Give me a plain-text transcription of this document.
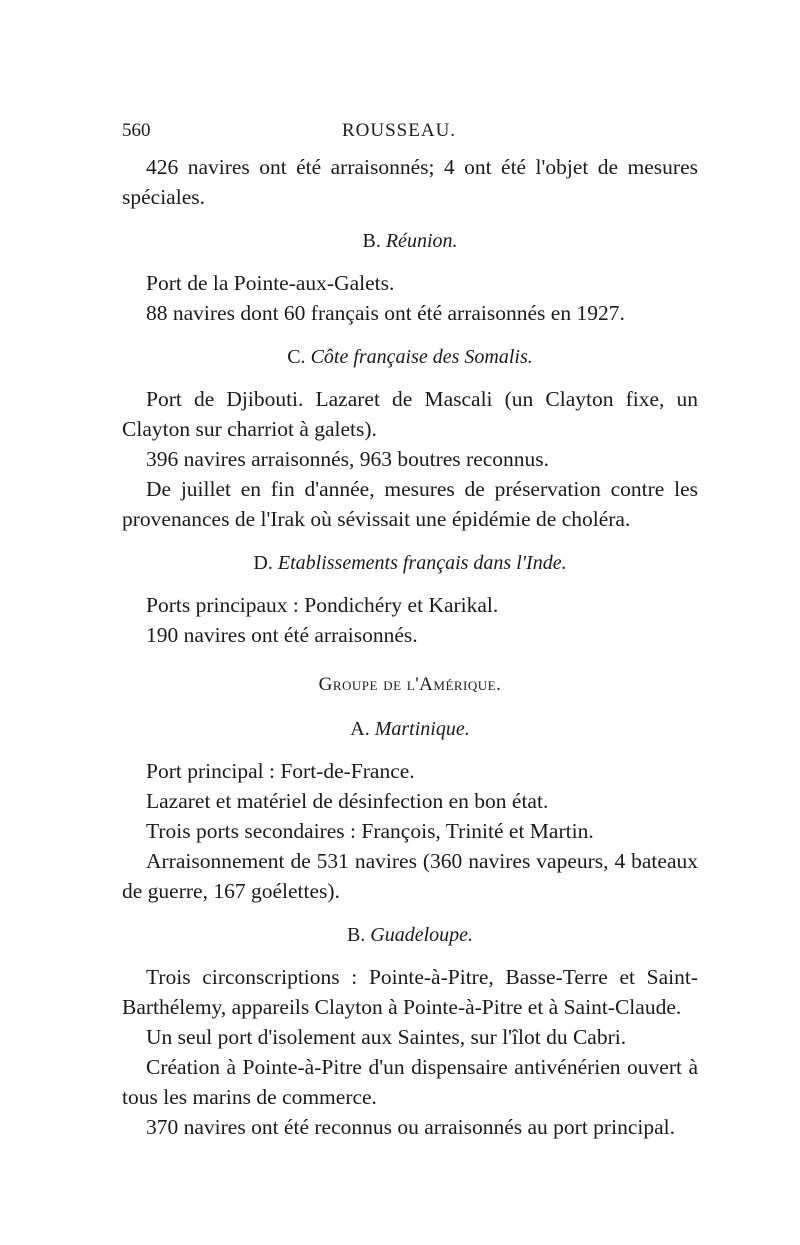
560	ROUSSEAU.

426 navires ont été arraisonnés; 4 ont été l'objet de mesures spéciales.

B. Réunion.

Port de la Pointe-aux-Galets.

88 navires dont 60 français ont été arraisonnés en 1927.

C. Côte française des Somalis.

Port de Djibouti. Lazaret de Mascali (un Clayton fixe, un Clayton sur charriot à galets).

396 navires arraisonnés, 963 boutres reconnus.

De juillet en fin d'année, mesures de préservation contre les provenances de l'Irak où sévissait une épidémie de choléra.

D. Etablissements français dans l'Inde.

Ports principaux : Pondichéry et Karikal.

190 navires ont été arraisonnés.

Groupe de l'Amérique.
A. Martinique.

Port principal : Fort-de-France.

Lazaret et matériel de désinfection en bon état.

Trois ports secondaires : François, Trinité et Martin.

Arraisonnement de 531 navires (360 navires vapeurs, 4 bateaux de guerre, 167 goélettes).

B. Guadeloupe.

Trois circonscriptions : Pointe-à-Pitre, Basse-Terre et Saint-Barthélemy, appareils Clayton à Pointe-à-Pitre et à Saint-Claude.

Un seul port d'isolement aux Saintes, sur l'îlot du Cabri.

Création à Pointe-à-Pitre d'un dispensaire antivénérien ouvert à tous les marins de commerce.

370 navires ont été reconnus ou arraisonnés au port principal.
